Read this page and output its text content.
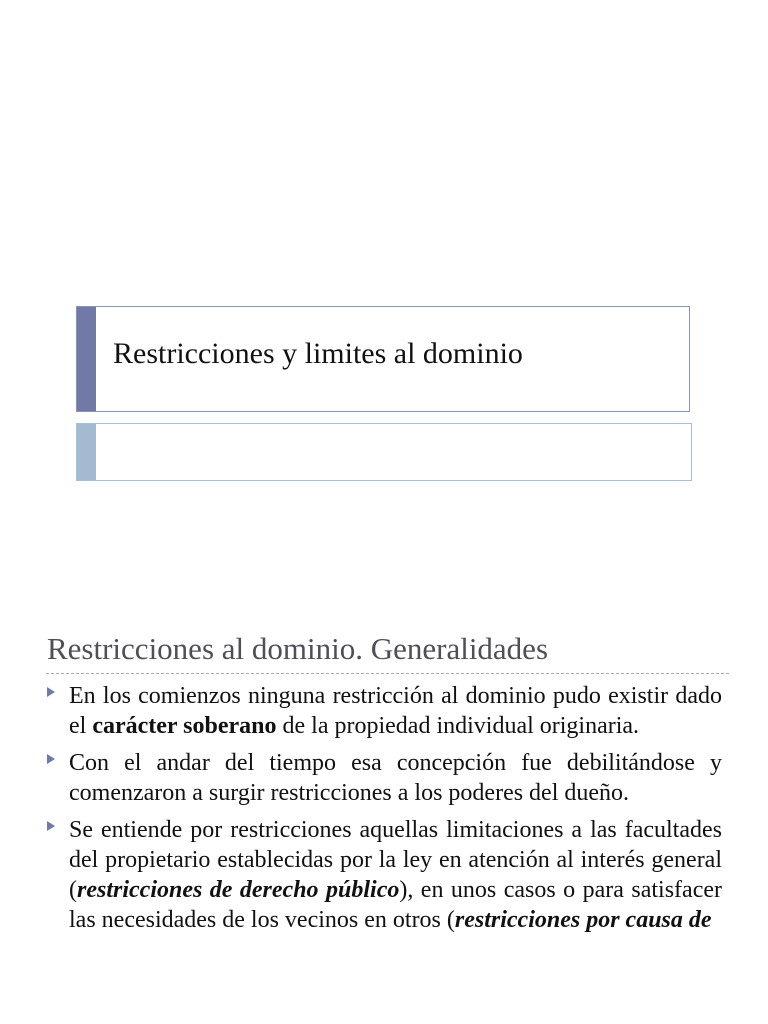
Restricciones y limites al dominio
Restricciones al dominio. Generalidades
En los comienzos ninguna restricción al dominio pudo existir dado el carácter soberano de la propiedad individual originaria.
Con el andar del tiempo esa concepción fue debilitándose y comenzaron a surgir restricciones a los poderes del dueño.
Se entiende por restricciones aquellas limitaciones a las facultades del propietario establecidas por la ley en atención al interés general (restricciones de derecho público), en unos casos o para satisfacer las necesidades de los vecinos en otros (restricciones por causa de
